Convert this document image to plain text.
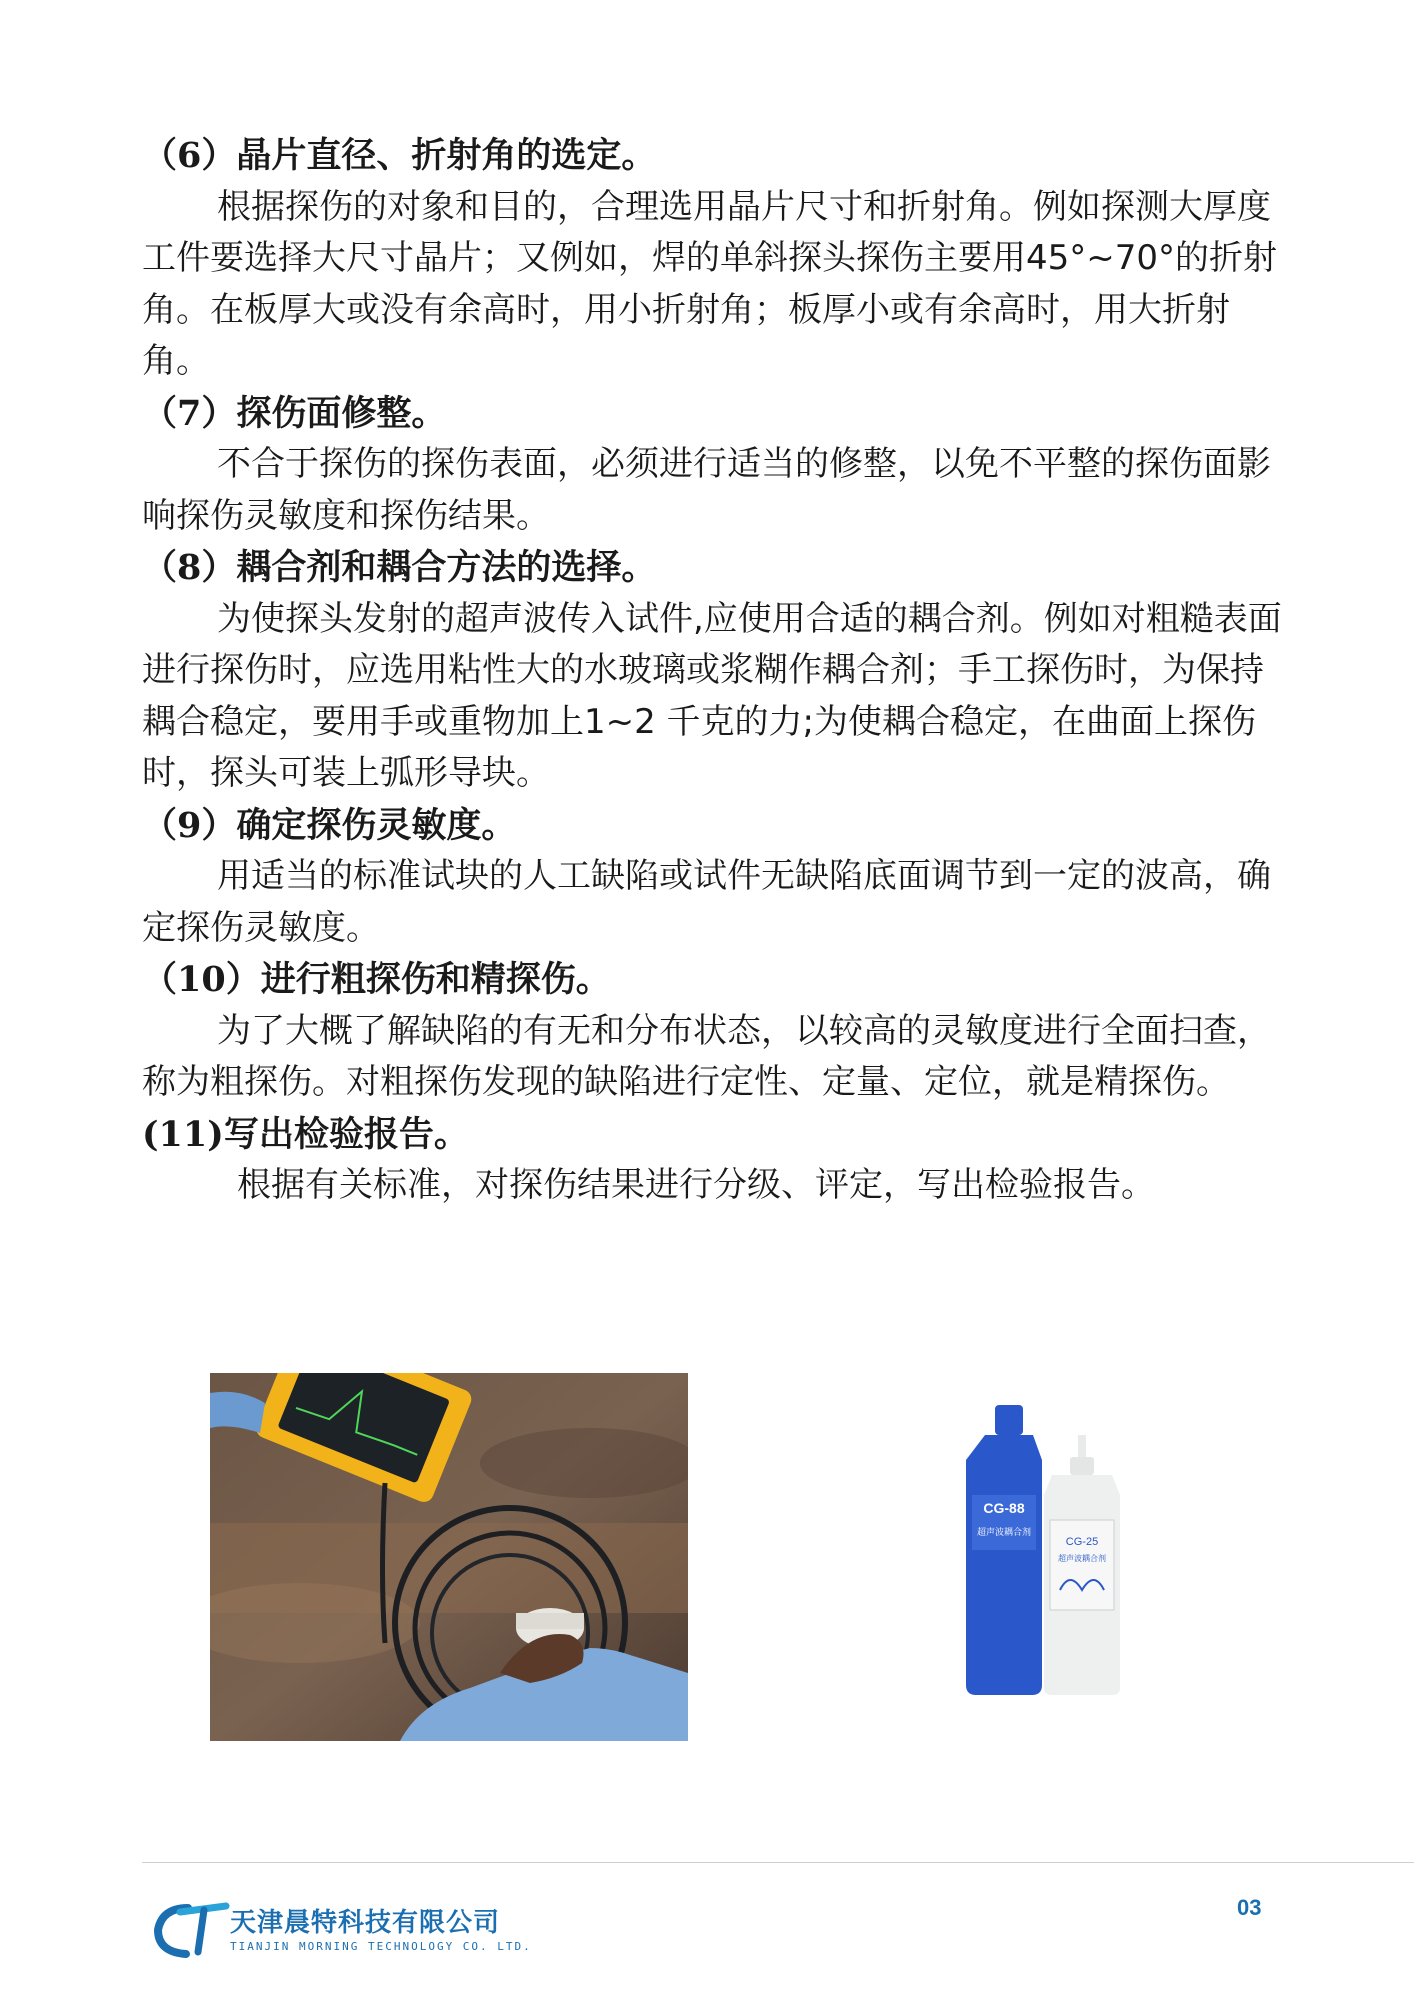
（6）晶片直径、折射角的选定。

根据探伤的对象和目的，合理选用晶片尺寸和折射角。例如探测大厚度工件要选择大尺寸晶片；又例如，焊的单斜探头探伤主要用45°~70°的折射角。在板厚大或没有余高时，用小折射角；板厚小或有余高时，用大折射角。

（7）探伤面修整。

不合于探伤的探伤表面，必须进行适当的修整，以免不平整的探伤面影响探伤灵敏度和探伤结果。

（8）耦合剂和耦合方法的选择。

为使探头发射的超声波传入试件,应使用合适的耦合剂。例如对粗糙表面进行探伤时，应选用粘性大的水玻璃或浆糊作耦合剂；手工探伤时，为保持耦合稳定，要用手或重物加上1~2 千克的力;为使耦合稳定，在曲面上探伤时，探头可装上弧形导块。

（9）确定探伤灵敏度。

用适当的标准试块的人工缺陷或试件无缺陷底面调节到一定的波高，确定探伤灵敏度。

（10）进行粗探伤和精探伤。

为了大概了解缺陷的有无和分布状态，以较高的灵敏度进行全面扫查，称为粗探伤。对粗探伤发现的缺陷进行定性、定量、定位，就是精探伤。

(11)写出检验报告。

根据有关标准，对探伤结果进行分级、评定，写出检验报告。

CG-88
超声波耦合剂
CG-25
超声波耦合剂
天津晨特科技有限公司
TIANJIN MORNING TECHNOLOGY CO. LTD.
03
